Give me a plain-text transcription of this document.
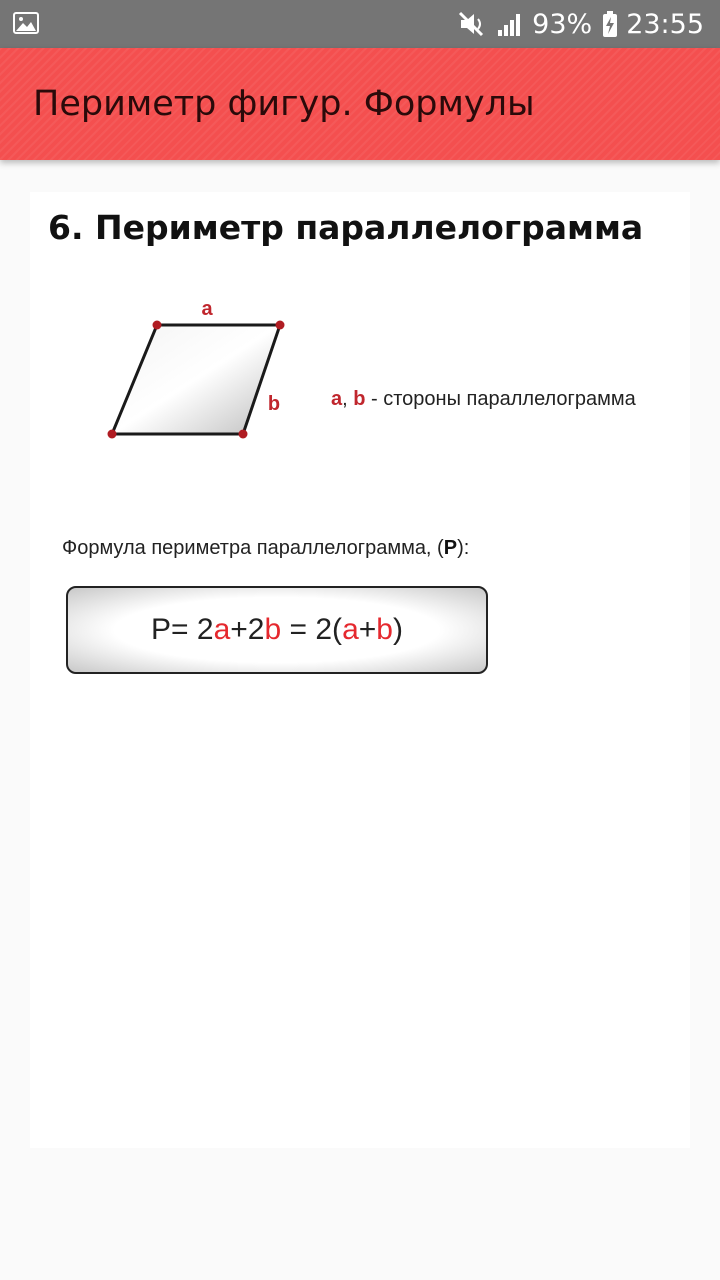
93% 23:55
Периметр фигур. Формулы
6. Периметр параллелограмма
a
b	a, b - стороны параллелограмма
Формула периметра параллелограмма, (P):
P= 2 a +2 b = 2( a + b )
